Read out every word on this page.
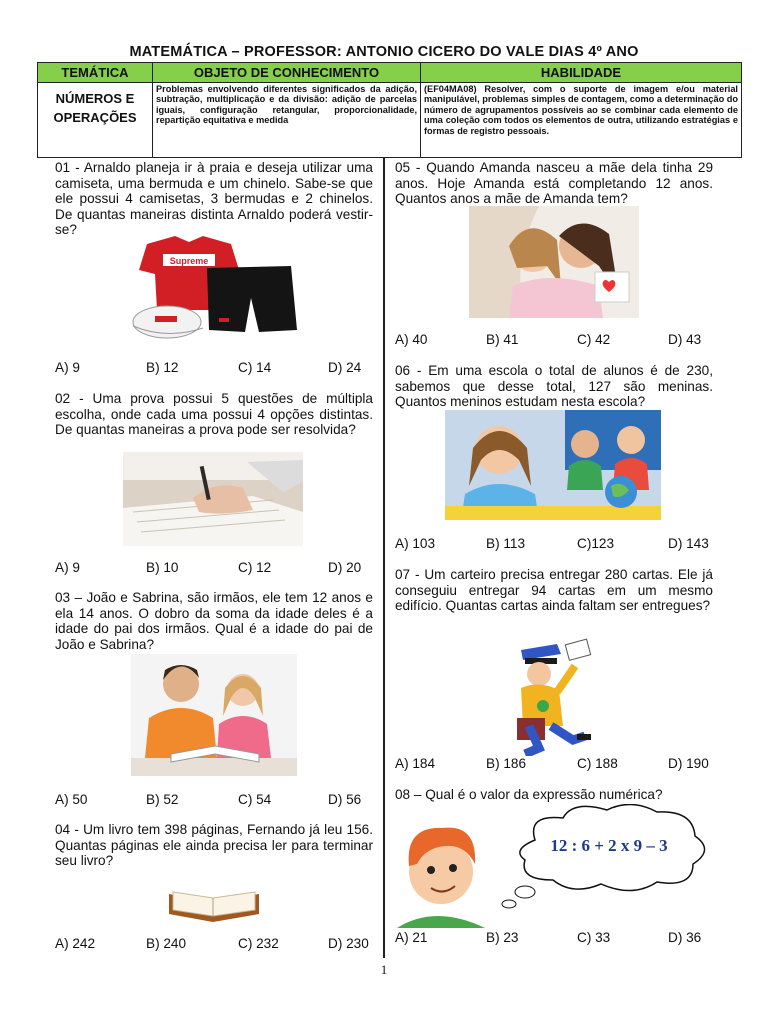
MATEMÁTICA – PROFESSOR: ANTONIO CICERO DO VALE DIAS 4º ANO
TEMÁTICA	OBJETO DE CONHECIMENTO	HABILIDADE

NÚMEROS E
OPERAÇÕES	Problemas envolvendo diferentes significados da adição, subtração, multiplicação e da divisão: adição de parcelas iguais, configuração retangular, proporcionalidade, repartição equitativa e medida	(EF04MA08) Resolver, com o suporte de imagem e/ou material manipulável, problemas simples de contagem, como a determinação do número de agrupamentos possíveis ao se combinar cada elemento de uma coleção com todos os elementos de outra, utilizando estratégias e formas de registro pessoais.
01 - Arnaldo planeja ir à praia e deseja utilizar uma camiseta, uma bermuda e um chinelo. Sabe-se que ele possui 4 camisetas, 3 bermudas e 2 chinelos. De quantas maneiras distinta Arnaldo poderá vestir-se?
Supreme
A) 9	B) 12	C) 14	D) 24
02 - Uma prova possui 5 questões de múltipla escolha, onde cada uma possui 4 opções distintas. De quantas maneiras a prova pode ser resolvida?
A) 9	B) 10	C) 12	D) 20
03 – João e Sabrina, são irmãos, ele tem 12 anos e ela 14 anos. O dobro da soma da idade deles é a idade do pai dos irmãos. Qual é a idade do pai de João e Sabrina?
A) 50	B) 52	C) 54	D) 56
04 - Um livro tem 398 páginas, Fernando já leu 156. Quantas páginas ele ainda precisa ler para terminar seu livro?
A) 242	B) 240	C) 232	D) 230
05 - Quando Amanda nasceu a mãe dela tinha 29 anos. Hoje Amanda está completando 12 anos. Quantos anos a mãe de Amanda tem?
A) 40	B) 41	C) 42	D) 43
06 - Em uma escola o total de alunos é de 230, sabemos que desse total, 127 são meninas. Quantos meninos estudam nesta escola?
A) 103	B) 113	C)123	D) 143
07 - Um carteiro precisa entregar 280 cartas. Ele já conseguiu entregar 94 cartas em um mesmo edifício. Quantas cartas ainda faltam ser entregues?
A) 184	B) 186	C) 188	D) 190
08 – Qual é o valor da expressão numérica?
12 : 6 + 2 x 9 – 3
A) 21	B) 23	C) 33	D) 36
1
